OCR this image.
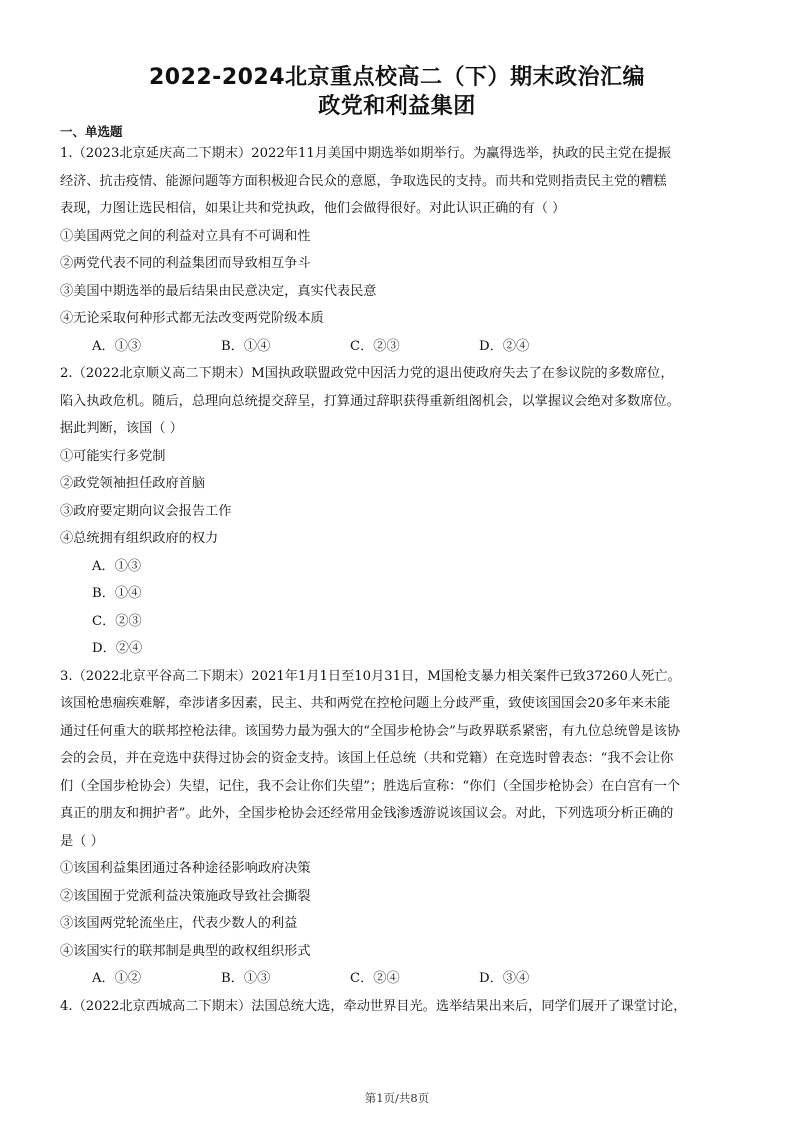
2022-2024北京重点校高二（下）期末政治汇编
政党和利益集团
一、单选题
1.（2023北京延庆高二下期末）2022年11月美国中期选举如期举行。为赢得选举，执政的民主党在提振
经济、抗击疫情、能源问题等方面积极迎合民众的意愿，争取选民的支持。而共和党则指责民主党的糟糕
表现，力图让选民相信，如果让共和党执政，他们会做得很好。对此认识正确的有（ ）
①美国两党之间的利益对立具有不可调和性
②两党代表不同的利益集团而导致相互争斗
③美国中期选举的最后结果由民意决定，真实代表民意
④无论采取何种形式都无法改变两党阶级本质
A．①③	B．①④	C．②③	D．②④
2.（2022北京顺义高二下期末）M国执政联盟政党中因活力党的退出使政府失去了在参议院的多数席位，
陷入执政危机。随后，总理向总统提交辞呈，打算通过辞职获得重新组阁机会，以掌握议会绝对多数席位。
据此判断，该国（ ）
①可能实行多党制
②政党领袖担任政府首脑
③政府要定期向议会报告工作
④总统拥有组织政府的权力
A．①③
B．①④
C．②③
D．②④
3.（2022北京平谷高二下期末）2021年1月1日至10月31日，M国枪支暴力相关案件已致37260人死亡。
该国枪患痼疾难解，牵涉诸多因素，民主、共和两党在控枪问题上分歧严重，致使该国国会20多年来未能
通过任何重大的联邦控枪法律。该国势力最为强大的“全国步枪协会”与政界联系紧密，有九位总统曾是该协
会的会员，并在竞选中获得过协会的资金支持。该国上任总统（共和党籍）在竞选时曾表态：“我不会让你
们（全国步枪协会）失望，记住，我不会让你们失望”；胜选后宣称：“你们（全国步枪协会）在白宫有一个
真正的朋友和拥护者”。此外，全国步枪协会还经常用金钱渗透游说该国议会。对此，下列选项分析正确的
是（ ）
①该国利益集团通过各种途径影响政府决策
②该国囿于党派利益决策施政导致社会撕裂
③该国两党轮流坐庄，代表少数人的利益
④该国实行的联邦制是典型的政权组织形式
A．①②	B．①③	C．②④	D．③④
4.（2022北京西城高二下期末）法国总统大选，牵动世界目光。选举结果出来后，同学们展开了课堂讨论，
第1页/共8页
